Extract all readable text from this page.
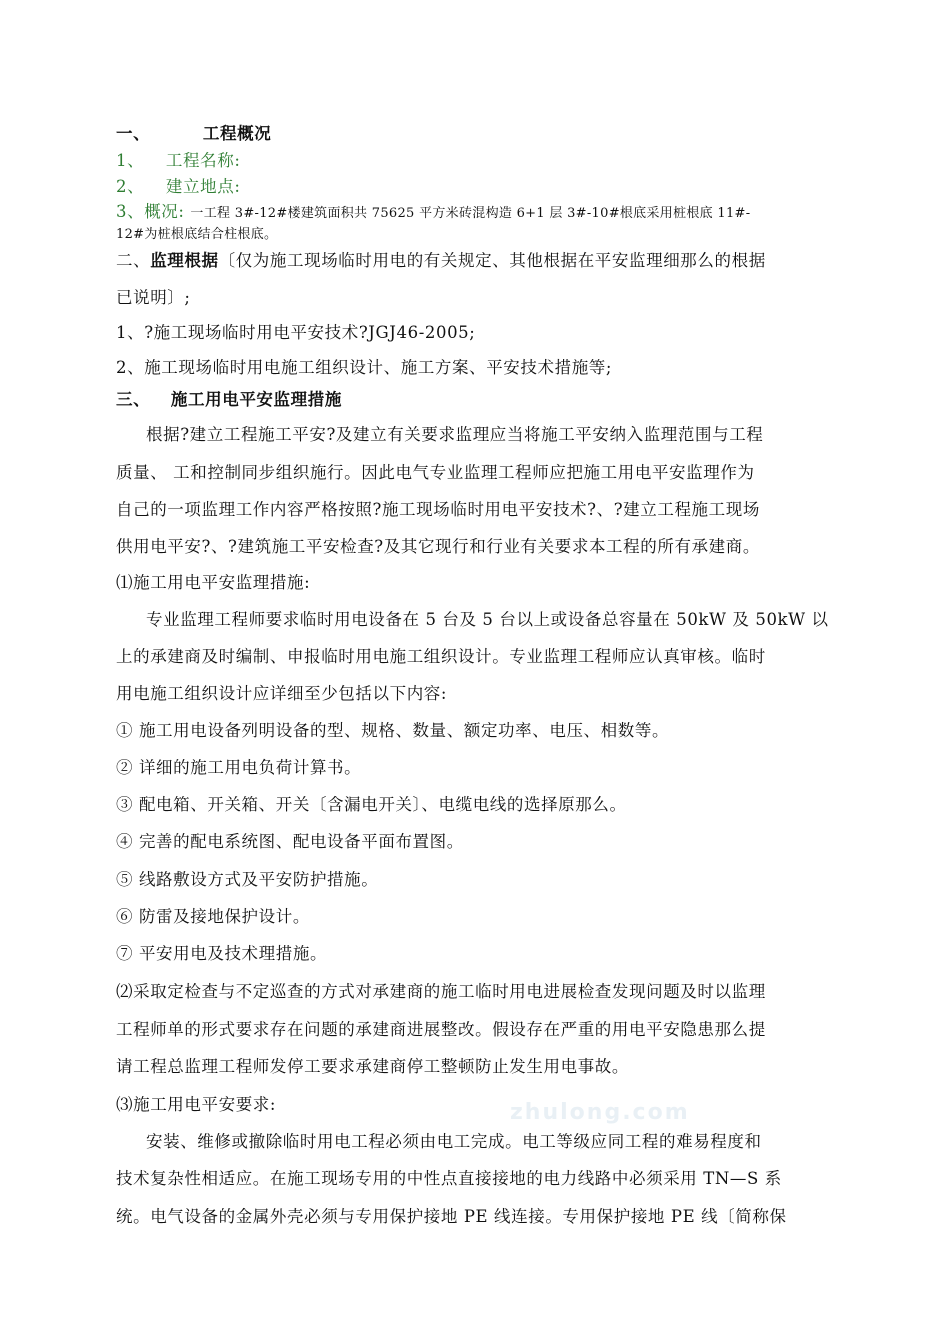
zhulong.com
一、	工程概况
1、 工程名称:
2、 建立地点:
3、概况: 一工程 3#-12#楼建筑面积共 75625 平方米砖混构造 6+1 层 3#-10#根底采用桩根底 11#-
12#为桩根底结合柱根底。
二、监理根据〔仅为施工现场临时用电的有关规定、其他根据在平安监理细那么的根据
已说明〕;
1、?施工现场临时用电平安技术?JGJ46-2005;
2、施工现场临时用电施工组织设计、施工方案、平安技术措施等;
三、 施工用电平安监理措施
根据?建立工程施工平安?及建立有关要求监理应当将施工平安纳入监理范围与工程
质量、 工和控制同步组织施行。因此电气专业监理工程师应把施工用电平安监理作为
自己的一项监理工作内容严格按照?施工现场临时用电平安技术?、?建立工程施工现场
供用电平安?、?建筑施工平安检查?及其它现行和行业有关要求本工程的所有承建商。
⑴施工用电平安监理措施:
专业监理工程师要求临时用电设备在 5 台及 5 台以上或设备总容量在 50kW 及 50kW 以
上的承建商及时编制、申报临时用电施工组织设计。专业监理工程师应认真审核。临时
用电施工组织设计应详细至少包括以下内容:
① 施工用电设备列明设备的型、规格、数量、额定功率、电压、相数等。
② 详细的施工用电负荷计算书。
③ 配电箱、开关箱、开关〔含漏电开关〕、电缆电线的选择原那么。
④ 完善的配电系统图、配电设备平面布置图。
⑤ 线路敷设方式及平安防护措施。
⑥ 防雷及接地保护设计。
⑦ 平安用电及技术理措施。
⑵采取定检查与不定巡查的方式对承建商的施工临时用电进展检查发现问题及时以监理
工程师单的形式要求存在问题的承建商进展整改。假设存在严重的用电平安隐患那么提
请工程总监理工程师发停工要求承建商停工整顿防止发生用电事故。
⑶施工用电平安要求:
安装、维修或撤除临时用电工程必须由电工完成。电工等级应同工程的难易程度和
技术复杂性相适应。在施工现场专用的中性点直接接地的电力线路中必须采用 TN—S 系
统。电气设备的金属外壳必须与专用保护接地 PE 线连接。专用保护接地 PE 线〔简称保
